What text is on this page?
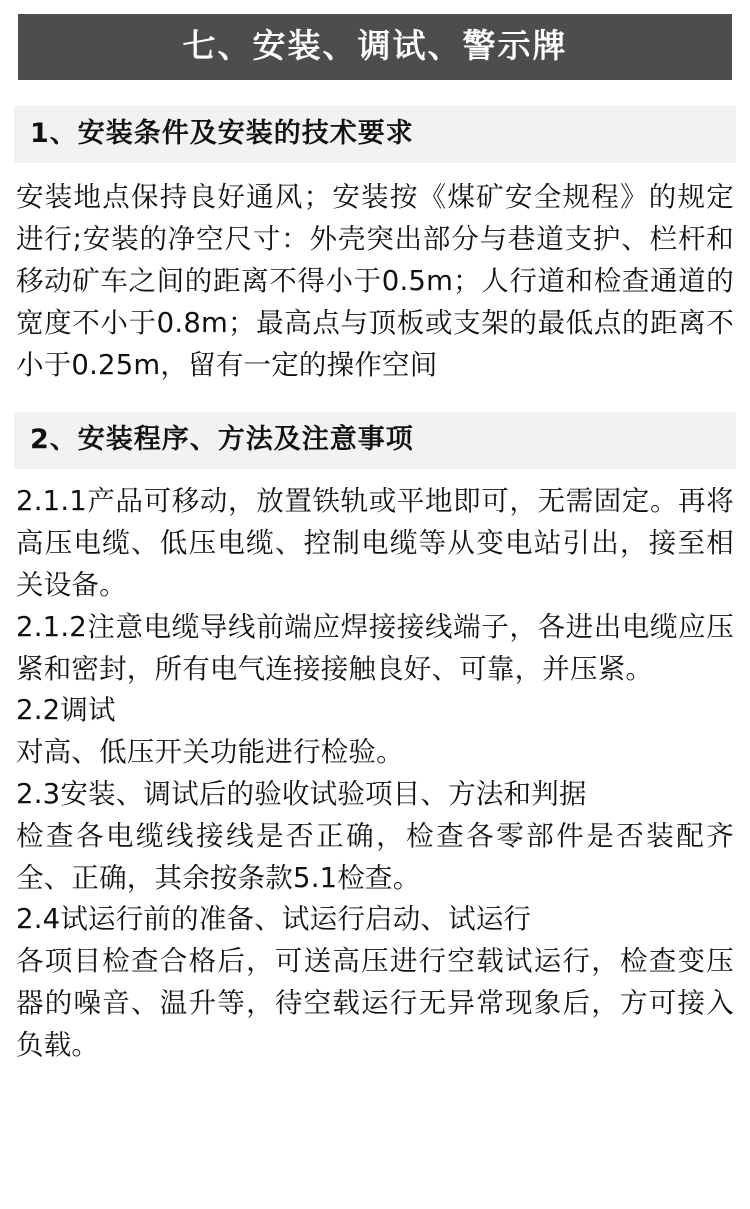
七、安装、调试、警示牌
1、安装条件及安装的技术要求

安装地点保持良好通风；安装按《煤矿安全规程》的规定进行;安装的净空尺寸：外壳突出部分与巷道支护、栏杆和移动矿车之间的距离不得小于0.5m；人行道和检查通道的宽度不小于0.8m；最高点与顶板或支架的最低点的距离不小于0.25m，留有一定的操作空间

2、安装程序、方法及注意事项

2.1.1产品可移动，放置铁轨或平地即可，无需固定。再将高压电缆、低压电缆、控制电缆等从变电站引出，接至相关设备。

2.1.2注意电缆导线前端应焊接接线端子，各进出电缆应压紧和密封，所有电气连接接触良好、可靠，并压紧。

2.2调试

对高、低压开关功能进行检验。

2.3安装、调试后的验收试验项目、方法和判据

检查各电缆线接线是否正确，检查各零部件是否装配齐全、正确，其余按条款5.1检查。

2.4试运行前的准备、试运行启动、试运行

各项目检查合格后，可送高压进行空载试运行，检查变压器的噪音、温升等，待空载运行无异常现象后，方可接入负载。
